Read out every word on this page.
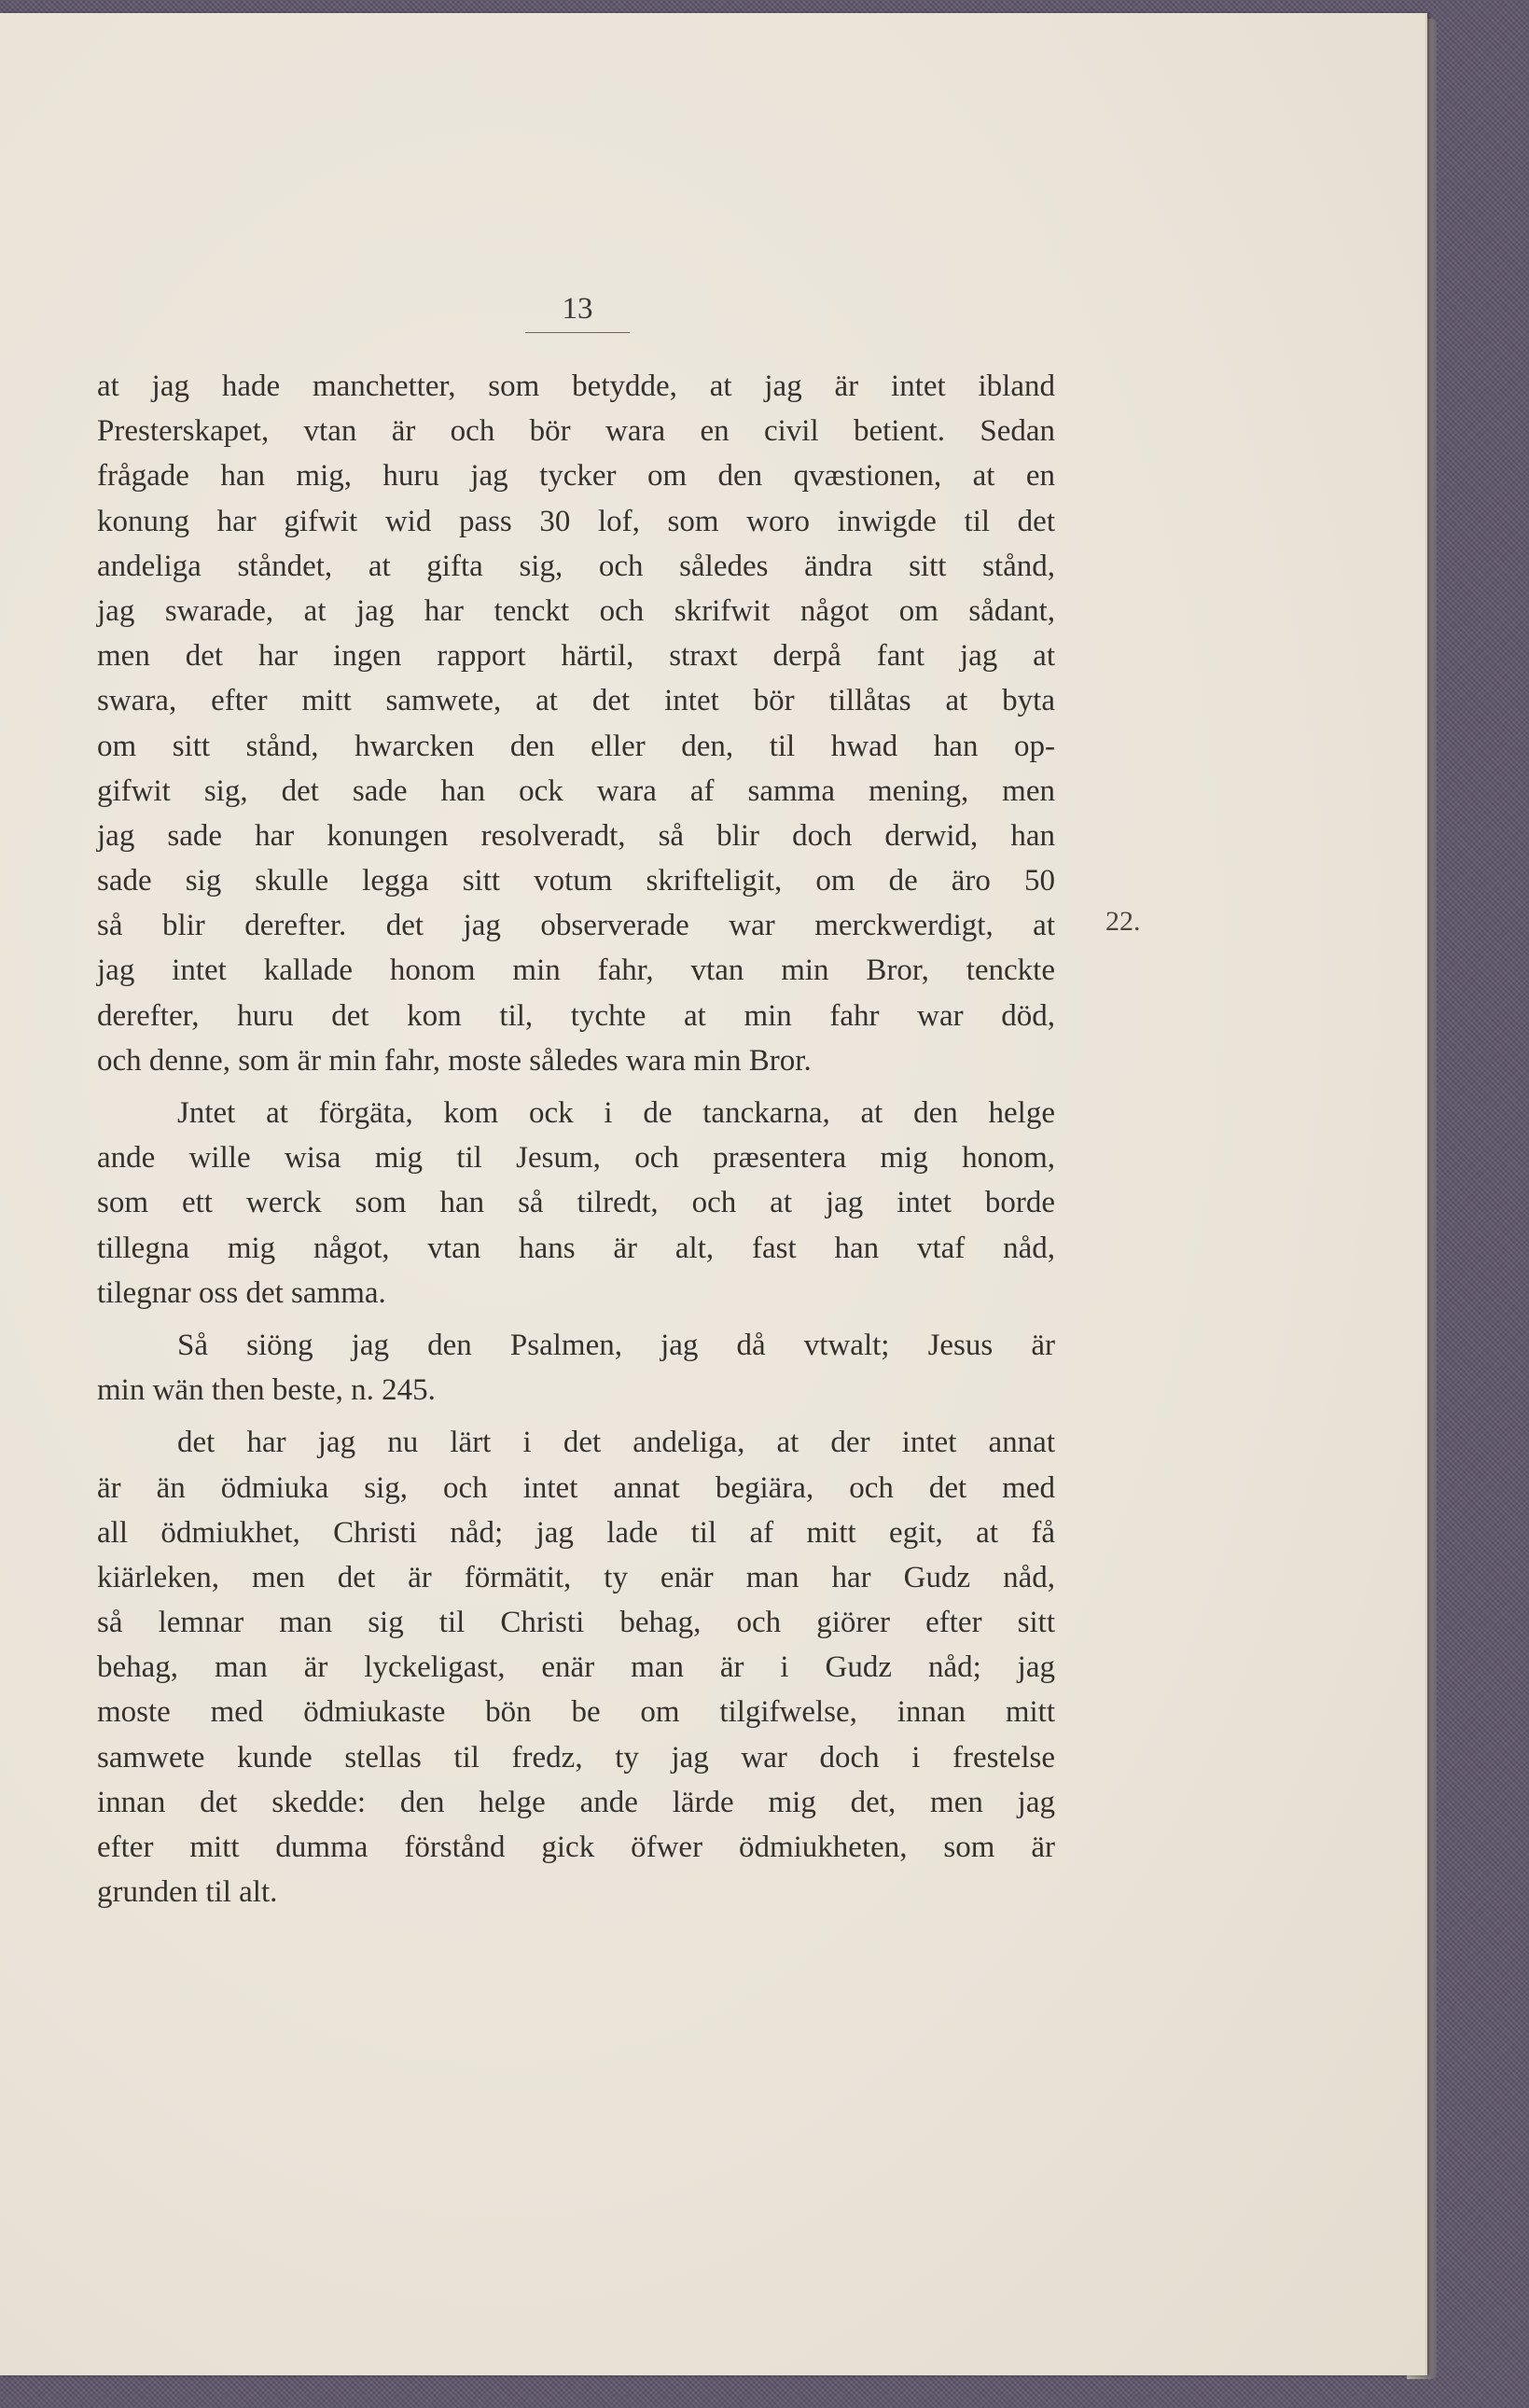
13
at jag hade manchetter, som betydde, at jag är intet ibland
Presterskapet, vtan är och bör wara en civil betient. Sedan
frågade han mig, huru jag tycker om den qvæstionen, at en
konung har gifwit wid pass 30 lof, som woro inwigde til det
andeliga ståndet, at gifta sig, och således ändra sitt stånd,
jag swarade, at jag har tenckt och skrifwit något om sådant,
men det har ingen rapport härtil, straxt derpå fant jag at
swara, efter mitt samwete, at det intet bör tillåtas at byta
om sitt stånd, hwarcken den eller den, til hwad han op-
gifwit sig, det sade han ock wara af samma mening, men
jag sade har konungen resolveradt, så blir doch derwid, han
sade sig skulle legga sitt votum skrifteligit, om de äro 50
så blir derefter. det jag observerade war merckwerdigt, at
jag intet kallade honom min fahr, vtan min Bror, tenckte
derefter, huru det kom til, tychte at min fahr war död,
och denne, som är min fahr, moste således wara min Bror.
Jntet at förgäta, kom ock i de tanckarna, at den helge
ande wille wisa mig til Jesum, och præsentera mig honom,
som ett werck som han så tilredt, och at jag intet borde
tillegna mig något, vtan hans är alt, fast han vtaf nåd,
tilegnar oss det samma.
Så siöng jag den Psalmen, jag då vtwalt; Jesus är
min wän then beste, n. 245.
det har jag nu lärt i det andeliga, at der intet annat
är än ödmiuka sig, och intet annat begiära, och det med
all ödmiukhet, Christi nåd; jag lade til af mitt egit, at få
kiärleken, men det är förmätit, ty enär man har Gudz nåd,
så lemnar man sig til Christi behag, och giörer efter sitt
behag, man är lyckeligast, enär man är i Gudz nåd; jag
moste med ödmiukaste bön be om tilgifwelse, innan mitt
samwete kunde stellas til fredz, ty jag war doch i frestelse
innan det skedde: den helge ande lärde mig det, men jag
efter mitt dumma förstånd gick öfwer ödmiukheten, som är
grunden til alt.
22.
